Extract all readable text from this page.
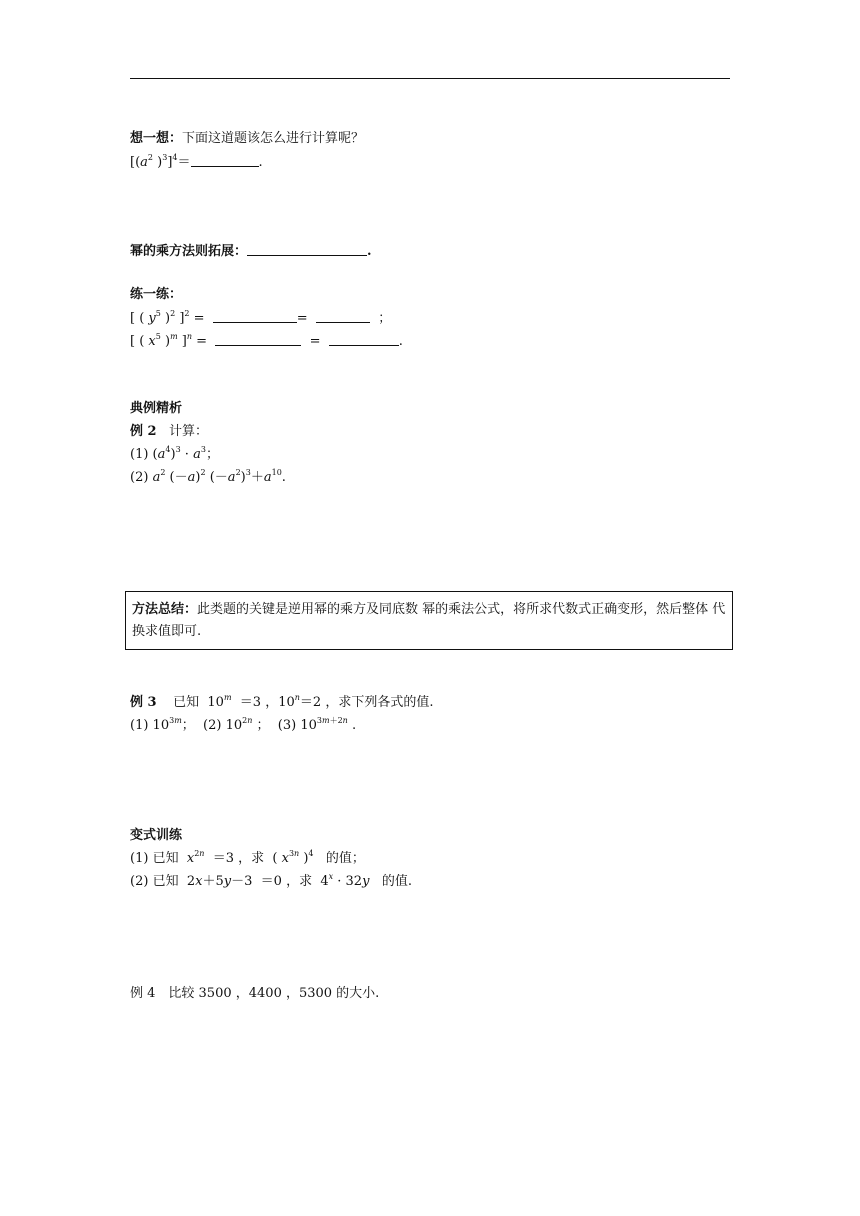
想一想：下面这道题该怎么进行计算呢？
[($a^2$ )$^3$]$^4$＝	.
幂的乘方法则拓展：	.
练一练：
[ ( $y^5$ )$^2$ ]$^2$ =	=	；
[ ( $x^5$ )$^m$ ]$^n$ =	=	.
典例精析
例 2 计算：
(1) $(a^4)^3 \cdot a^3$；
(2) $a^2$ $(-a)^2$ $(-a^2)^3+a^{10}$.
方法总结：此类题的关键是逆用幂的乘方及同底数 幂的乘法公式，将所求代数式正确变形，然后整体 代换求值即可.
例 3 已知  10$^m$  ＝3 ，$10^n=2$ ，求下列各式的值.
(1) $10^{3m}$；  (2) $10^{2n}$ ；  (3) $10^{3m+2n}$ .
变式训练
(1) 已知 $x^{2n} =3$ ，求  ( $x^{3n}$ )$^4$ 的值；
(2) 已知  2x＋5y－3  ＝0 ，求  $4^x \cdot 32y$ 的值.
例 4　比较 3500 ，4400 ，5300 的大小.
